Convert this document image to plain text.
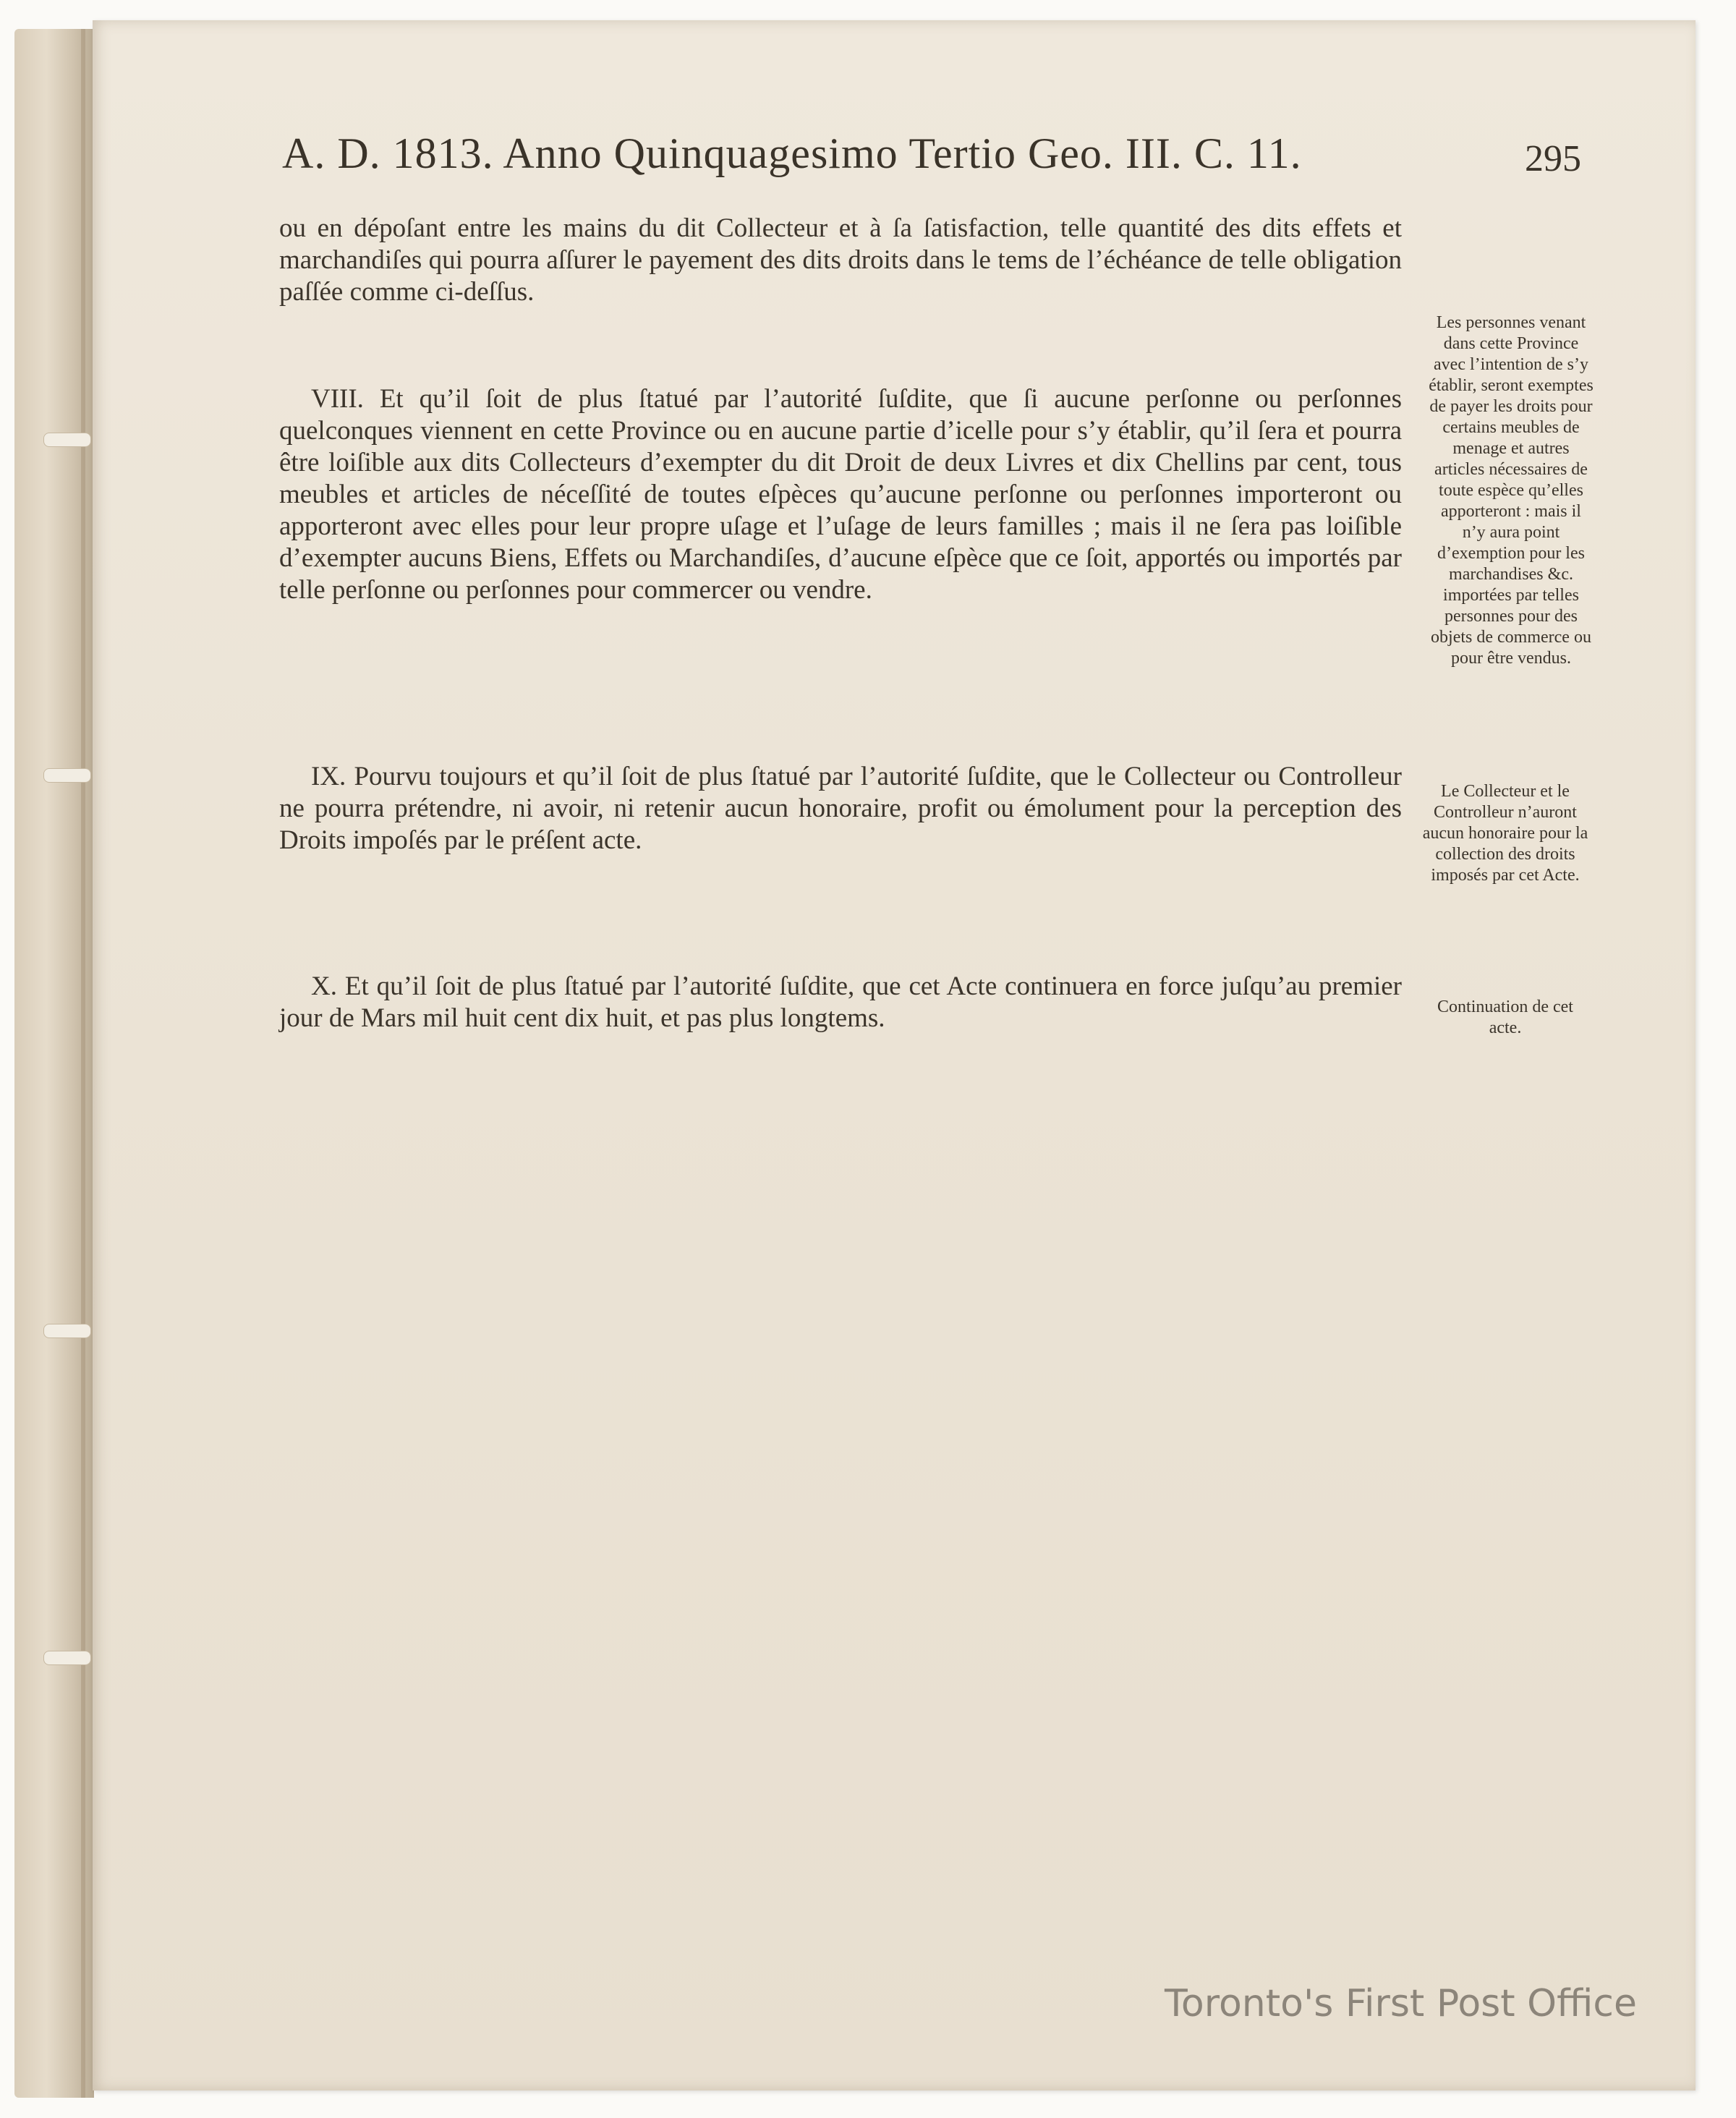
A. D. 1813. Anno Quinquagesimo Tertio Geo. III. C. 11.	295

ou en dépoſant entre les mains du dit Collecteur et à ſa ſatisfaction, telle quantité des dits effets et marchandiſes qui pourra aſſurer le payement des dits droits dans le tems de l’échéance de telle obligation paſſée comme ci-deſſus.

VIII. Et qu’il ſoit de plus ſtatué par l’autorité ſuſdite, que ſi aucune perſonne ou perſonnes quelconques viennent en cette Province ou en aucune partie d’icelle pour s’y établir, qu’il ſera et pourra être loiſible aux dits Collecteurs d’exempter du dit Droit de deux Livres et dix Chellins par cent, tous meubles et articles de néceſſité de toutes eſpèces qu’aucune perſonne ou perſonnes importeront ou apporteront avec elles pour leur propre uſage et l’uſage de leurs familles ; mais il ne ſera pas loiſible d’exempter aucuns Biens, Effets ou Marchandiſes, d’aucune eſpèce que ce ſoit, apportés ou importés par telle perſonne ou perſonnes pour commercer ou vendre.

IX. Pourvu toujours et qu’il ſoit de plus ſtatué par l’autorité ſuſdite, que le Collecteur ou Controlleur ne pourra prétendre, ni avoir, ni retenir aucun honoraire, profit ou émolument pour la perception des Droits impoſés par le préſent acte.

X. Et qu’il ſoit de plus ſtatué par l’autorité ſuſdite, que cet Acte continuera en force juſqu’au premier jour de Mars mil huit cent dix huit, et pas plus longtems.

Les personnes venant dans cette Province avec l’intention de s’y établir, seront exemptes de payer les droits pour certains meubles de menage et autres articles nécessaires de toute espèce qu’elles apporteront : mais il n’y aura point d’exemption pour les marchandises &c. importées par telles personnes pour des objets de commerce ou pour être vendus.

Le Collecteur et le Controlleur n’auront aucun honoraire pour la collection des droits imposés par cet Acte.

Continuation de cet acte.

Toronto's First Post Office
